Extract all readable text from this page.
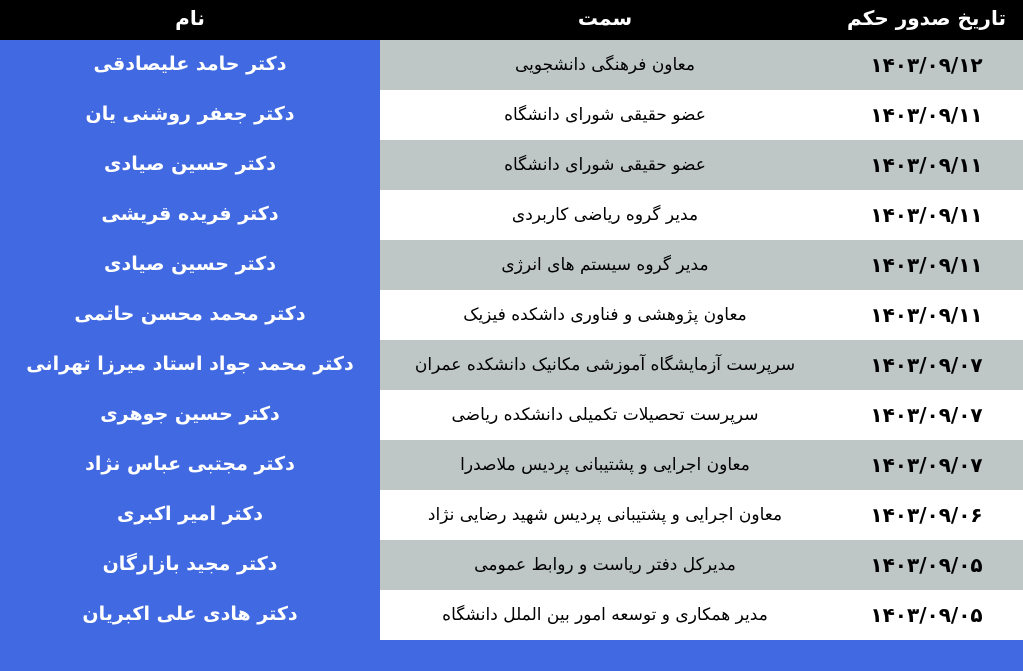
تاریخ صدور حکم	سمت	نام
۱۴۰۳/۰۹/۱۲	معاون فرهنگی دانشجویی	دکتر حامد علیصادقی
۱۴۰۳/۰۹/۱۱	عضو حقیقی شورای دانشگاه	دکتر جعفر روشنی یان
۱۴۰۳/۰۹/۱۱	عضو حقیقی شورای دانشگاه	دکتر حسین صیادی
۱۴۰۳/۰۹/۱۱	مدیر گروه ریاضی کاربردی	دکتر فریده قریشی
۱۴۰۳/۰۹/۱۱	مدیر گروه سیستم های انرژی	دکتر حسین صیادی
۱۴۰۳/۰۹/۱۱	معاون پژوهشی و فناوری داشکده فیزیک	دکتر محمد محسن حاتمی
۱۴۰۳/۰۹/۰۷	سرپرست آزمایشگاه آموزشی مکانیک دانشکده عمران	دکتر محمد جواد استاد میرزا تهرانی
۱۴۰۳/۰۹/۰۷	سرپرست تحصیلات تکمیلی دانشکده ریاضی	دکتر حسین جوهری
۱۴۰۳/۰۹/۰۷	معاون اجرایی و پشتیبانی پردیس ملاصدرا	دکتر مجتبی عباس نژاد
۱۴۰۳/۰۹/۰۶	معاون اجرایی و پشتیبانی پردیس شهید رضایی نژاد	دکتر امیر اکبری
۱۴۰۳/۰۹/۰۵	مدیرکل دفتر ریاست و روابط عمومی	دکتر مجید بازارگان
۱۴۰۳/۰۹/۰۵	مدیر همکاری و توسعه امور بین الملل دانشگاه	دکتر هادی علی اکبریان
